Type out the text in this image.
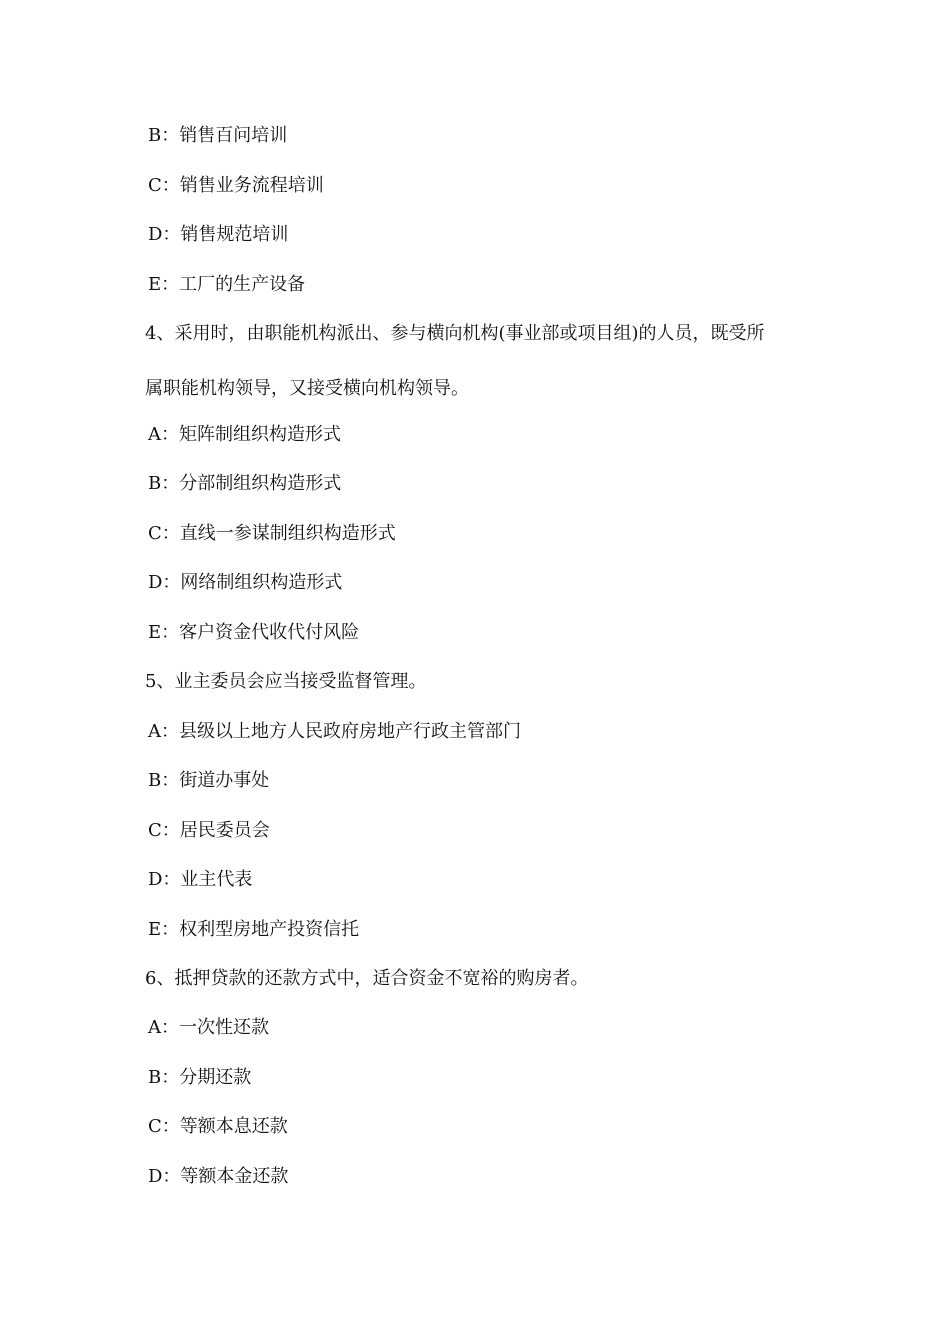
B：销售百问培训
C：销售业务流程培训
D：销售规范培训
E：工厂的生产设备
4、采用时，由职能机构派出、参与横向机构(事业部或项目组)的人员，既受所
属职能机构领导，又接受横向机构领导。
A：矩阵制组织构造形式
B：分部制组织构造形式
C：直线一参谋制组织构造形式
D：网络制组织构造形式
E：客户资金代收代付风险
5、业主委员会应当接受监督管理。
A：县级以上地方人民政府房地产行政主管部门
B：街道办事处
C：居民委员会
D：业主代表
E：权利型房地产投资信托
6、抵押贷款的还款方式中，适合资金不宽裕的购房者。
A：一次性还款
B：分期还款
C：等额本息还款
D：等额本金还款
